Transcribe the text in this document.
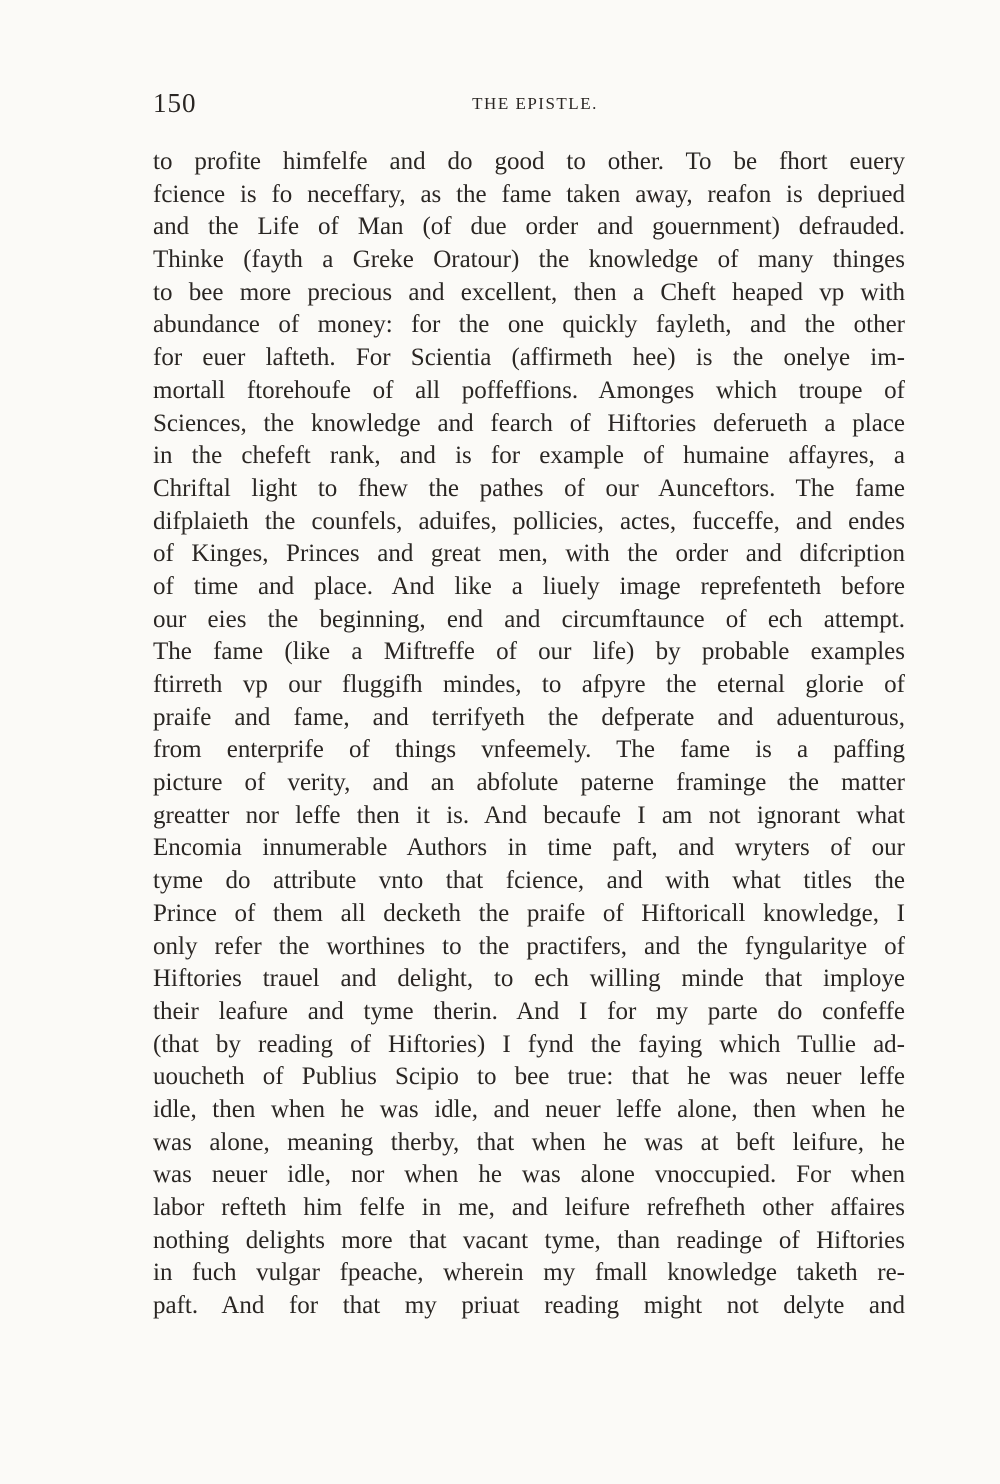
150	THE EPISTLE.
to profite himfelfe and do good to other. To be fhort euery
fcience is fo neceffary, as the fame taken away, reafon is depriued
and the Life of Man (of due order and gouernment) defrauded.
Thinke (fayth a Greke Oratour) the knowledge of many thinges
to bee more precious and excellent, then a Cheft heaped vp with
abundance of money: for the one quickly fayleth, and the other
for euer lafteth. For Scientia (affirmeth hee) is the onelye im-
mortall ftorehoufe of all poffeffions. Amonges which troupe of
Sciences, the knowledge and fearch of Hiftories deferueth a place
in the chefeft rank, and is for example of humaine affayres, a
Chriftal light to fhew the pathes of our Aunceftors. The fame
difplaieth the counfels, aduifes, pollicies, actes, fucceffe, and endes
of Kinges, Princes and great men, with the order and difcription
of time and place. And like a liuely image reprefenteth before
our eies the beginning, end and circumftaunce of ech attempt.
The fame (like a Miftreffe of our life) by probable examples
ftirreth vp our fluggifh mindes, to afpyre the eternal glorie of
praife and fame, and terrifyeth the defperate and aduenturous,
from enterprife of things vnfeemely. The fame is a paffing
picture of verity, and an abfolute paterne framinge the matter
greatter nor leffe then it is. And becaufe I am not ignorant what
Encomia innumerable Authors in time paft, and wryters of our
tyme do attribute vnto that fcience, and with what titles the
Prince of them all decketh the praife of Hiftoricall knowledge, I
only refer the worthines to the practifers, and the fyngularitye of
Hiftories trauel and delight, to ech willing minde that imploye
their leafure and tyme therin. And I for my parte do confeffe
(that by reading of Hiftories) I fynd the faying which Tullie ad-
uoucheth of Publius Scipio to bee true: that he was neuer leffe
idle, then when he was idle, and neuer leffe alone, then when he
was alone, meaning therby, that when he was at beft leifure, he
was neuer idle, nor when he was alone vnoccupied. For when
labor refteth him felfe in me, and leifure refrefheth other affaires
nothing delights more that vacant tyme, than readinge of Hiftories
in fuch vulgar fpeache, wherein my fmall knowledge taketh re-
paft. And for that my priuat reading might not delyte and
